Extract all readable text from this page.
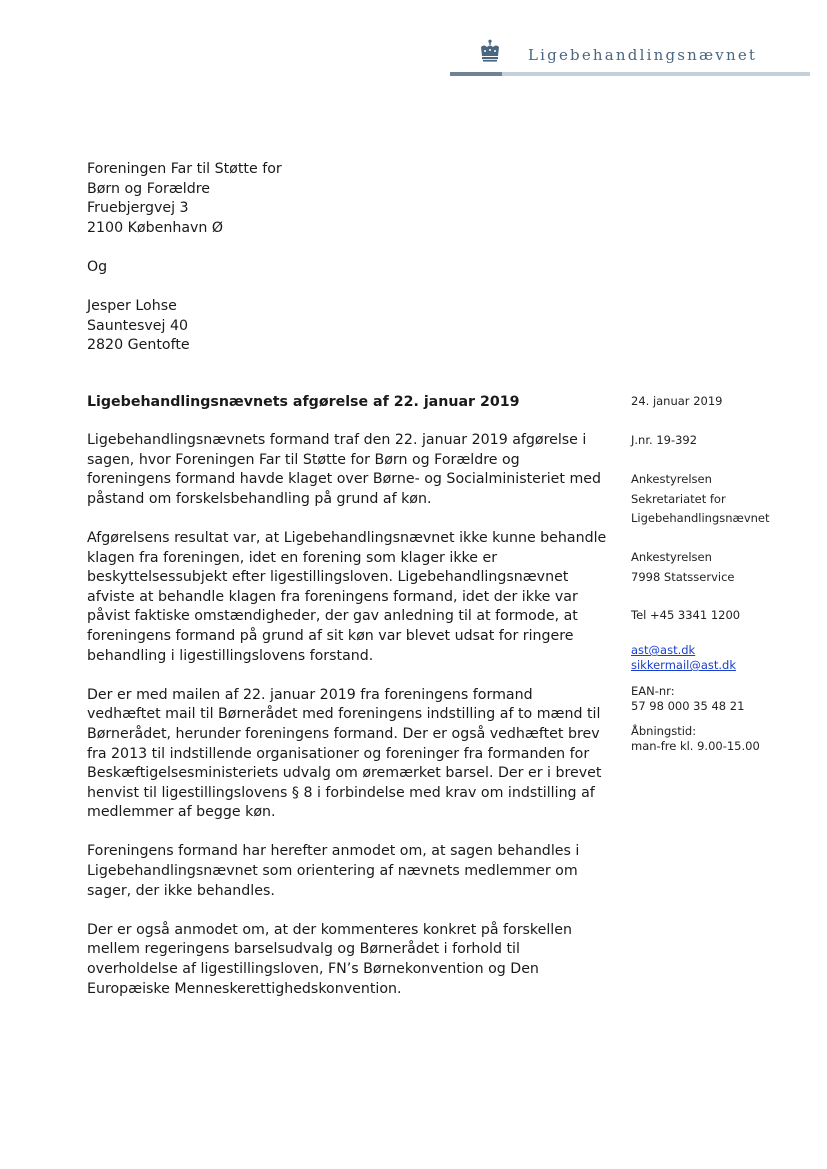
Ligebehandlingsnævnet
Foreningen Far til Støtte for
Børn og Forældre
Fruebjergvej 3
2100 København Ø
Og
Jesper Lohse
Sauntesvej 40
2820 Gentofte
Ligebehandlingsnævnets afgørelse af 22. januar 2019

Ligebehandlingsnævnets formand traf den 22. januar 2019 afgørelse i
sagen, hvor Foreningen Far til Støtte for Børn og Forældre og
foreningens formand havde klaget over Børne- og Socialministeriet med
påstand om forskelsbehandling på grund af køn.

Afgørelsens resultat var, at Ligebehandlingsnævnet ikke kunne behandle
klagen fra foreningen, idet en forening som klager ikke er
beskyttelsessubjekt efter ligestillingsloven. Ligebehandlingsnævnet
afviste at behandle klagen fra foreningens formand, idet der ikke var
påvist faktiske omstændigheder, der gav anledning til at formode, at
foreningens formand på grund af sit køn var blevet udsat for ringere
behandling i ligestillingslovens forstand.

Der er med mailen af 22. januar 2019 fra foreningens formand
vedhæftet mail til Børnerådet med foreningens indstilling af to mænd til
Børnerådet, herunder foreningens formand. Der er også vedhæftet brev
fra 2013 til indstillende organisationer og foreninger fra formanden for
Beskæftigelsesministeriets udvalg om øremærket barsel. Der er i brevet
henvist til ligestillingslovens § 8 i forbindelse med krav om indstilling af
medlemmer af begge køn.

Foreningens formand har herefter anmodet om, at sagen behandles i
Ligebehandlingsnævnet som orientering af nævnets medlemmer om
sager, der ikke behandles.

Der er også anmodet om, at der kommenteres konkret på forskellen
mellem regeringens barselsudvalg og Børnerådet i forhold til
overholdelse af ligestillingsloven, FN’s Børnekonvention og Den
Europæiske Menneskerettighedskonvention.

24. januar 2019
J.nr. 19-392
Ankestyrelsen
Sekretariatet for
Ligebehandlingsnævnet
Ankestyrelsen
7998 Statsservice
Tel +45 3341 1200
ast@ast.dk
sikkermail@ast.dk
EAN-nr:
57 98 000 35 48 21
Åbningstid:
man-fre kl. 9.00-15.00
